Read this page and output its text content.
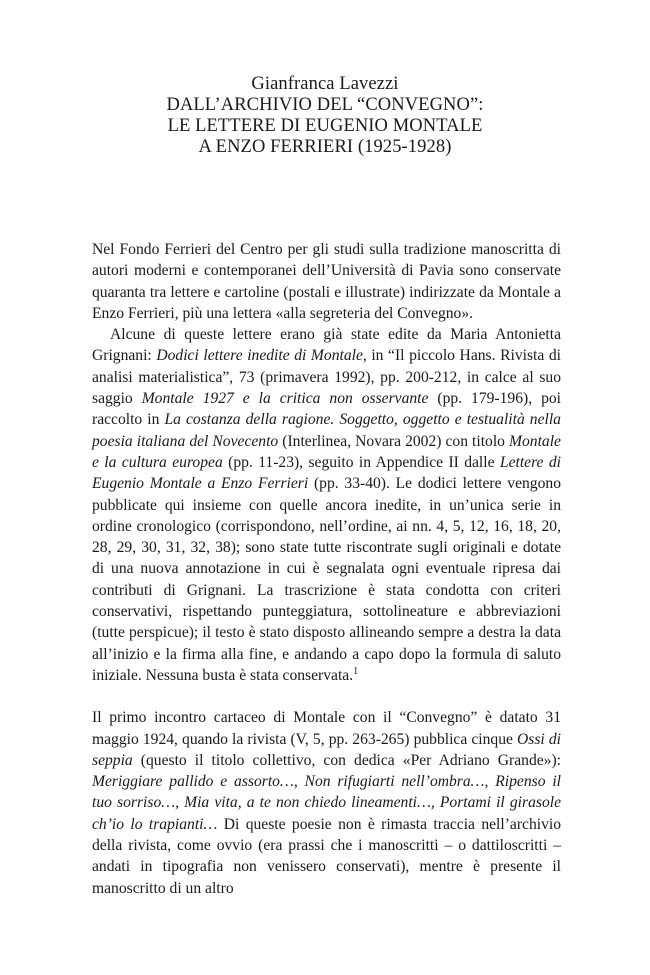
Gianfranca Lavezzi
DALL’ARCHIVIO DEL “CONVEGNO”:
LE LETTERE DI EUGENIO MONTALE
A ENZO FERRIERI (1925-1928)

Nel Fondo Ferrieri del Centro per gli studi sulla tradizione manoscritta di autori moderni e contemporanei dell’Università di Pavia sono conservate quaranta tra lettere e cartoline (postali e illustrate) indirizzate da Montale a Enzo Ferrieri, più una lettera «alla segreteria del Convegno».

Alcune di queste lettere erano già state edite da Maria Antonietta Grignani: Dodici lettere inedite di Montale, in “Il piccolo Hans. Rivista di analisi materialistica”, 73 (primavera 1992), pp. 200-212, in calce al suo saggio Montale 1927 e la critica non osservante (pp. 179-196), poi raccolto in La costanza della ragione. Soggetto, oggetto e testualità nella poesia italiana del Novecento (Interlinea, Novara 2002) con titolo Montale e la cultura europea (pp. 11-23), seguito in Appendice II dalle Lettere di Eugenio Montale a Enzo Ferrieri (pp. 33-40). Le dodici lettere vengono pubblicate qui insieme con quelle ancora inedite, in un’unica serie in ordine cronologico (corrispondono, nell’ordine, ai nn. 4, 5, 12, 16, 18, 20, 28, 29, 30, 31, 32, 38); sono state tutte riscontrate sugli originali e dotate di una nuova annotazione in cui è segnalata ogni eventuale ripresa dai contributi di Grignani. La trascrizione è stata condotta con criteri conservativi, rispettando punteggiatura, sottolineature e abbreviazioni (tutte perspicue); il testo è stato disposto allineando sempre a destra la data all’inizio e la firma alla fine, e andando a capo dopo la formula di saluto iniziale. Nessuna busta è stata conservata.$^1$

Il primo incontro cartaceo di Montale con il “Convegno” è datato 31 maggio 1924, quando la rivista (V, 5, pp. 263-265) pubblica cinque Ossi di seppia (questo il titolo collettivo, con dedica «Per Adriano Grande»): Meriggiare pallido e assorto…, Non rifugiarti nell’ombra…, Ripenso il tuo sorriso…, Mia vita, a te non chiedo lineamenti…, Portami il girasole ch’io lo trapianti… Di queste poesie non è rimasta traccia nell’archivio della rivista, come ovvio (era prassi che i manoscritti – o dattiloscritti – andati in tipografia non venissero conservati), mentre è presente il manoscritto di un altro
